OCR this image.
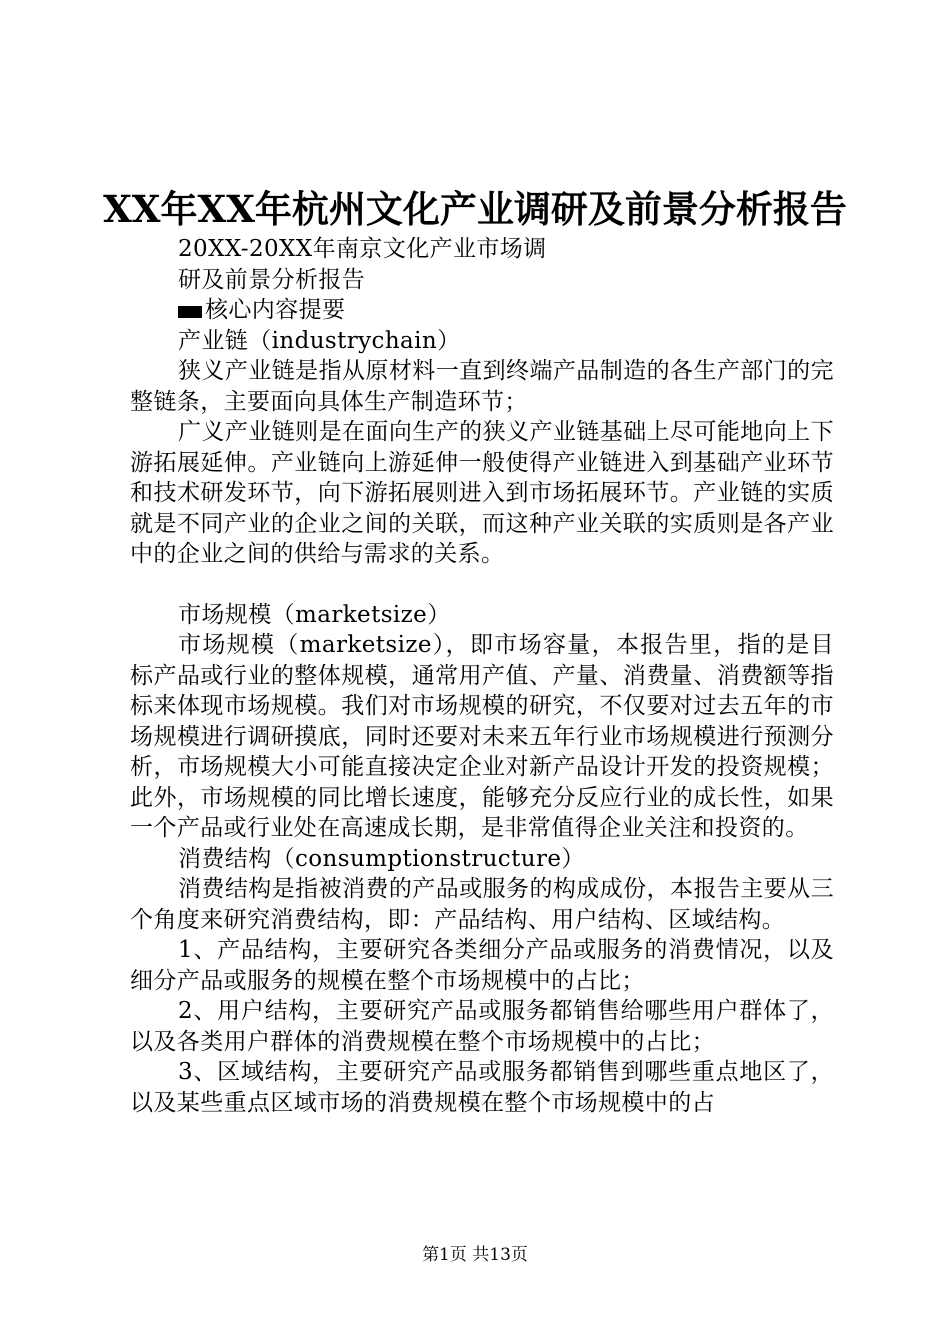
XX年XX年杭州文化产业调研及前景分析报告

20XX-20XX年南京文化产业市场调

研及前景分析报告

核心内容提要

产业链（industrychain）

狭义产业链是指从原材料一直到终端产品制造的各生产部门的完整链条，主要面向具体生产制造环节；

广义产业链则是在面向生产的狭义产业链基础上尽可能地向上下游拓展延伸。产业链向上游延伸一般使得产业链进入到基础产业环节和技术研发环节，向下游拓展则进入到市场拓展环节。产业链的实质就是不同产业的企业之间的关联，而这种产业关联的实质则是各产业中的企业之间的供给与需求的关系。

市场规模（marketsize）

市场规模（marketsize），即市场容量，本报告里，指的是目标产品或行业的整体规模，通常用产值、产量、消费量、消费额等指标来体现市场规模。我们对市场规模的研究，不仅要对过去五年的市场规模进行调研摸底，同时还要对未来五年行业市场规模进行预测分析，市场规模大小可能直接决定企业对新产品设计开发的投资规模；此外，市场规模的同比增长速度，能够充分反应行业的成长性，如果一个产品或行业处在高速成长期，是非常值得企业关注和投资的。

消费结构（consumptionstructure）

消费结构是指被消费的产品或服务的构成成份，本报告主要从三个角度来研究消费结构，即：产品结构、用户结构、区域结构。

1、产品结构，主要研究各类细分产品或服务的消费情况，以及细分产品或服务的规模在整个市场规模中的占比；

2、用户结构，主要研究产品或服务都销售给哪些用户群体了，以及各类用户群体的消费规模在整个市场规模中的占比；

3、区域结构，主要研究产品或服务都销售到哪些重点地区了，以及某些重点区域市场的消费规模在整个市场规模中的占

第1页 共13页
